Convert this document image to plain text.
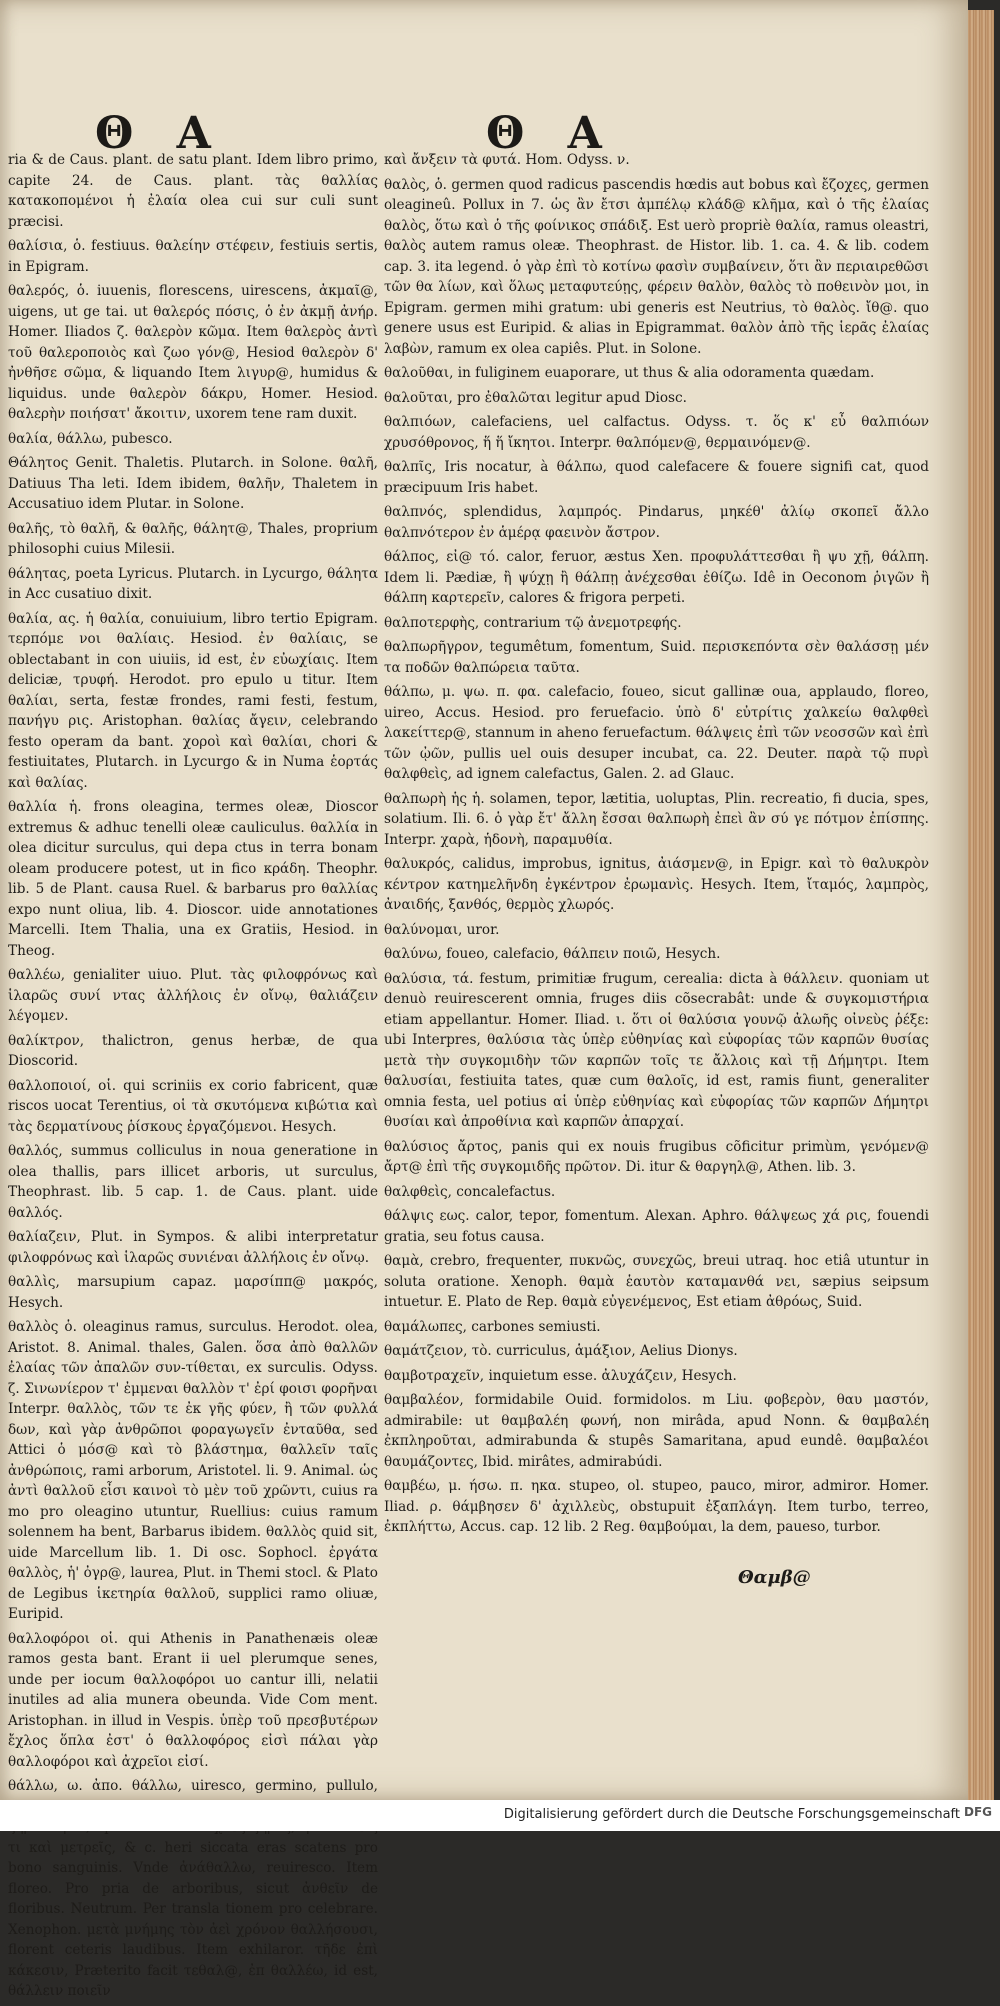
Θ Α	Θ Α

ria & de Caus. plant. de satu plant. Idem libro primo, capite 24. de Caus. plant. τὰς θαλλίας κατακοπομένοι ἡ ἐλαία olea cui sur culi sunt præcisi.

θαλίσια, ὁ. festiuus. θαλείην στέφειν, festiuis sertis, in Epigram.

θαλερός, ὁ. iuuenis, florescens, uirescens, ἀκμαῖ@, uigens, ut ge tai. ut θαλερός πόσις, ὁ ἐν ἀκμῇ ἀνήρ. Homer. Iliados ζ. θαλερὸν κῶμα. Item θαλερὸς ἀντὶ τοῦ θαλεροποιὸς καὶ ζωο γόν@, Hesiod θαλερὸν δ' ἠνθῆσε σῶμα, & liquando Item λιγυρ@, humidus & liquidus. unde θαλερὸν δάκρυ, Homer. Hesiod. θαλερὴν ποιήσατ' ἄκοιτιν, uxorem tene ram duxit.

θαλία, θάλλω, pubesco.

Θάλητος Genit. Thaletis. Plutarch. in Solone. θαλῆ, Datiuus Tha leti. Idem ibidem, θαλῆν, Thaletem in Accusatiuo idem Plutar. in Solone.

θαλῆς, τὸ θαλῆ, & θαλῆς, θάλητ@, Thales, proprium philosophi cuius Milesii.

θάλητας, poeta Lyricus. Plutarch. in Lycurgo, θάλητα in Acc cusatiuo dixit.

θαλία, ας. ἡ θαλία, conuiuium, libro tertio Epigram. τερπόμε νοι θαλίαις. Hesiod. ἐν θαλίαις, se oblectabant in con uiuiis, id est, ἐν εὐωχίαις. Item deliciæ, τρυφή. Herodot. pro epulo u titur. Item θαλίαι, serta, festæ frondes, rami festi, festum, πανήγυ ρις. Aristophan. θαλίας ἄγειν, celebrando festo operam da bant. χοροὶ καὶ θαλίαι, chori & festiuitates, Plutarch. in Lycurgo & in Numa ἑορτάς καὶ θαλίας.

θαλλία ἡ. frons oleagina, termes oleæ, Dioscor extremus & adhuc tenelli oleæ cauliculus. θαλλία in olea dicitur surculus, qui depa ctus in terra bonam oleam producere potest, ut in fico κράδη. Theophr. lib. 5 de Plant. causa Ruel. & barbarus pro θαλλίας expo nunt oliua, lib. 4. Dioscor. uide annotationes Marcelli. Item Thalia, una ex Gratiis, Hesiod. in Theog.

θαλλέω, genialiter uiuo. Plut. τὰς φιλοφρόνως καὶ ἱλαρῶς συνί ντας ἀλλήλοις ἐν οἴνῳ, θαλιάζειν λέγομεν.

θαλίκτρον, thalictron, genus herbæ, de qua Dioscorid.

θαλλοποιοί, οἱ. qui scriniis ex corio fabricent, quæ riscos uocat Terentius, οἱ τὰ σκυτόμενα κιβώτια καὶ τὰς δερματίνους ῥίσκους ἐργαζόμενοι. Hesych.

θαλλός, summus colliculus in noua generatione in olea thallis, pars illicet arboris, ut surculus, Theophrast. lib. 5 cap. 1. de Caus. plant. uide θαλλός.

θαλίαζειν, Plut. in Sympos. & alibi interpretatur φιλοφρόνως καὶ ἱλαρῶς συνιέναι ἀλλήλοις ἐν οἴνῳ.

θαλλὶς, marsupium capaz. μαρσίππ@ μακρός, Hesych.

θαλλὸς ὁ. oleaginus ramus, surculus. Herodot. olea, Aristot. 8. Animal. thales, Galen. ὅσα ἀπὸ θαλλῶν ἐλαίας τῶν ἀπαλῶν συν-τίθεται, ex surculis. Odyss. ζ. Σινωνίερον τ' ἐμμεναι θαλλὸν τ' ἐρί φοισι φορῆναι Interpr. θαλλὸς, τῶν τε ἐκ γῆς φύεν, ἢ τῶν φυλλά δων, καὶ γὰρ ἀνθρῶποι φοραγωγεῖν ἐνταῦθα, sed Attici ὁ μόσ@ καὶ τὸ βλάστημα, θαλλεῖν ταῖς ἀνθρώποις, rami arborum, Aristotel. li. 9. Animal. ὡς ἀντὶ θαλλοῦ εἶσι καινοὶ τὸ μὲν τοῦ χρῶντι, cuius ra mo pro oleagino utuntur, Ruellius: cuius ramum solennem ha bent, Barbarus ibidem. θαλλὸς quid sit, uide Marcellum lib. 1. Di osc. Sophocl. ἐργάτα θαλλὸς, ἡ' ὀγρ@, laurea, Plut. in Themi stocl. & Plato de Legibus ἱκετηρία θαλλοῦ, supplici ramo oliuæ, Euripid.

θαλλοφόροι οἱ. qui Athenis in Panathenæis oleæ ramos gesta bant. Erant ii uel plerumque senes, unde per iocum θαλλοφόροι uo cantur illi, nelatii inutiles ad alia munera obeunda. Vide Com ment. Aristophan. in illud in Vespis. ὑπὲρ τοῦ πρεσβυτέρων ἔχλος ὅπλα ἐστ' ὁ θαλλοφόρος εἰσὶ πάλαι γὰρ θαλλοφόροι καὶ ἀχρεῖοι εἰσί.

θάλλω, ω. ἀπο. θάλλω, uiresco, germino, pullulo, τι καὶ μετρεῖς, & c. heri siccata eras scatens pro bono sanguinis. Vnde ἀνάθαλλω, reuiresco. Item floreo. Pro pria de arboribus, sicut ἀνθεῖν de floribus. Neutrum. Per transla tionem pro celebrare. Xenophon. μετὰ μνήμης τὸν ἀεὶ χρόνον θαλλήσουσι, florent ceteris laudibus. Item exhilaror. τῆδε ἐπὶ κάκεσιν, Præterito facit τεθαλ@, ἐπ θαλλέω, id est, θάλλειν ποιεῖν

καὶ ἄνξειν τὰ φυτά. Hom. Odyss. ν.

θαλὸς, ὁ. germen quod radicus pascendis hœdis aut bobus καὶ ἔζοχες, germen oleagineû. Pollux in 7. ὡς ἂν ἔτσι ἀμπέλῳ κλάδ@ κλῆμα, καὶ ὁ τῆς ἐλαίας θαλὸς, ὅτω καὶ ὁ τῆς φοίνικος σπάδιξ. Est uerò propriè θαλία, ramus oleastri, θαλὸς autem ramus oleæ. Theophrast. de Histor. lib. 1. ca. 4. & lib. codem cap. 3. ita legend. ὁ γὰρ ἐπὶ τὸ κοτίνω φασὶν συμβαίνειν, ὅτι ἂν περιαιρεθῶσι τῶν θα λίων, καὶ ὅλως μεταφυτεύῃς, φέρειν θαλὸν, θαλὸς τὸ ποθεινὸν μοι, in Epigram. germen mihi gratum: ubi generis est Neutrius, τὸ θαλὸς. ἴθ@. quo genere usus est Euripid. & alias in Epigrammat. θαλὸν ἀπὸ τῆς ἱερᾶς ἐλαίας λαβὼν, ramum ex olea capiês. Plut. in Solone.

θαλοῦθαι, in fuliginem euaporare, ut thus & alia odoramenta quædam.

θαλοῦται, pro ἐθαλῶται legitur apud Diosc.

θαλπιόων, calefaciens, uel calfactus. Odyss. τ. ὅς κ' εὖ θαλπιόων χρυσόθρονος, ἥ ἥ ἴκητοι. Interpr. θαλπόμεν@, θερμαινόμεν@.

θαλπῖς, Iris nocatur, à θάλπω, quod calefacere & fouere signifi cat, quod præcipuum Iris habet.

θαλπνός, splendidus, λαμπρός. Pindarus, μηκέθ' ἀλίῳ σκοπεῖ ἄλλο θαλπνότερον ἐν ἁμέρᾳ φαεινὸν ἄστρον.

θάλπος, εἰ@ τό. calor, feruor, æstus Xen. προφυλάττεσθαι ἢ ψυ χῇ, θάλπη. Idem li. Pædiæ, ἢ ψύχῃ ἢ θάλπῃ ἀνέχεσθαι ἐθίζω. Idê in Oeconom ῥιγῶν ἢ θάλπη καρτερεῖν, calores & frigora perpeti.

θαλποτερφὴς, contrarium τῷ ἀνεμοτρεφής.

θαλπωρῆγρον, tegumêtum, fomentum, Suid. περισκεπόντα σὲν θαλάσσῃ μέν τα ποδῶν θαλπώρεια ταῦτα.

θάλπω, μ. ψω. π. φα. calefacio, foueo, sicut gallinæ oua, applaudo, floreo, uireo, Accus. Hesiod. pro feruefacio. ὑπὸ δ' εὐτρίτις χαλκείω θαλφθεὶ λακείττερ@, stannum in aheno feruefactum. θάλψεις ἐπὶ τῶν νεοσσῶν καὶ ἐπὶ τῶν ᾠῶν, pullis uel ouis desuper incubat, ca. 22. Deuter. παρὰ τῷ πυρὶ θαλφθεὶς, ad ignem calefactus, Galen. 2. ad Glauc.

θαλπωρὴ ἡς ἡ. solamen, tepor, lætitia, uoluptas, Plin. recreatio, fi ducia, spes, solatium. Ili. 6. ὁ γὰρ ἔτ' ἄλλη ἔσσαι θαλπωρὴ ἐπεὶ ἂν σύ γε πότμον ἐπίσπης. Interpr. χαρὰ, ἡδονὴ, παραμυθία.

θαλυκρός, calidus, improbus, ignitus, ἀιάσμεν@, in Epigr. καὶ τὸ θαλυκρὸν κέντρον κατημελῆνδη ἐγκέντρον ἐρωμανὶς. Hesych. Item, ἴταμός, λαμπρὸς, ἀναιδής, ξανθός, θερμὸς χλωρός.

θαλύνομαι, uror.

θαλύνω, foueo, calefacio, θάλπειν ποιῶ, Hesych.

θαλύσια, τά. festum, primitiæ frugum, cerealia: dicta à θάλλειν. quoniam ut denuò reuirescerent omnia, fruges diis cõsecrabât: unde & συγκομιστήρια etiam appellantur. Homer. Iliad. ι. ὅτι οἱ θαλύσια γουνῷ ἀλωῆς οἰνεὺς ῥέξε: ubi Interpres, θαλύσια τὰς ὑπὲρ εὐθηνίας καὶ εὐφορίας τῶν καρπῶν θυσίας μετὰ τὴν συγκομιδὴν τῶν καρπῶν τοῖς τε ἄλλοις καὶ τῇ Δήμητρι. Item θαλυσίαι, festiuita tates, quæ cum θαλοῖς, id est, ramis fiunt, generaliter omnia festa, uel potius αἱ ὑπὲρ εὐθηνίας καὶ εὐφορίας τῶν καρπῶν Δήμητρι θυσίαι καὶ ἀπροθίνια καὶ καρπῶν ἀπαρχαί.

θαλύσιος ἄρτος, panis qui ex nouis frugibus cõficitur primùm, γενόμεν@ ἄρτ@ ἐπὶ τῆς συγκομιδῆς πρῶτον. Di. itur & θαργηλ@, Athen. lib. 3.

θαλφθεὶς, concalefactus.

θάλψις εως. calor, tepor, fomentum. Alexan. Aphro. θάλψεως χά ρις, fouendi gratia, seu fotus causa.

θαμὰ, crebro, frequenter, πυκνῶς, συνεχῶς, breui utraq. hoc etiâ utuntur in soluta oratione. Xenoph. θαμὰ ἑαυτὸν καταμανθά νει, sæpius seipsum intuetur. E. Plato de Rep. θαμὰ εὐγενέμενος, Est etiam ἀθρόως, Suid.

θαμάλωπες, carbones semiusti.

θαμάτζειον, τὸ. curriculus, ἁμάξιον, Aelius Dionys.

θαμβοτραχεῖν, inquietum esse. ἀλυχάζειν, Hesych.

θαμβαλέον, formidabile Ouid. formidolos. m Liu. φοβερὸν, θαυ μαστόν, admirabile: ut θαμβαλέη φωνή, non mirâda, apud Nonn. & θαμβαλέη ἐκπληροῦται, admirabunda & stupês Samaritana, apud eundê. θαμβαλέοι θαυμάζοντες, Ibid. mirâtes, admirabúdi.

θαμβέω, μ. ήσω. π. ηκα. stupeo, ol. stupeo, pauco, miror, admiror. Homer. Iliad. ρ. θάμβησεν δ' ἀχιλλεὺς, obstupuit ἐξαπλάγη. Item turbo, terreo, ἐκπλήττω, Accus. cap. 12 lib. 2 Reg. θαμβούμαι, la dem, paueso, turbor.

Θαμβ@
Digitalisierung gefördert durch die Deutsche Forschungsgemeinschaft DFG
